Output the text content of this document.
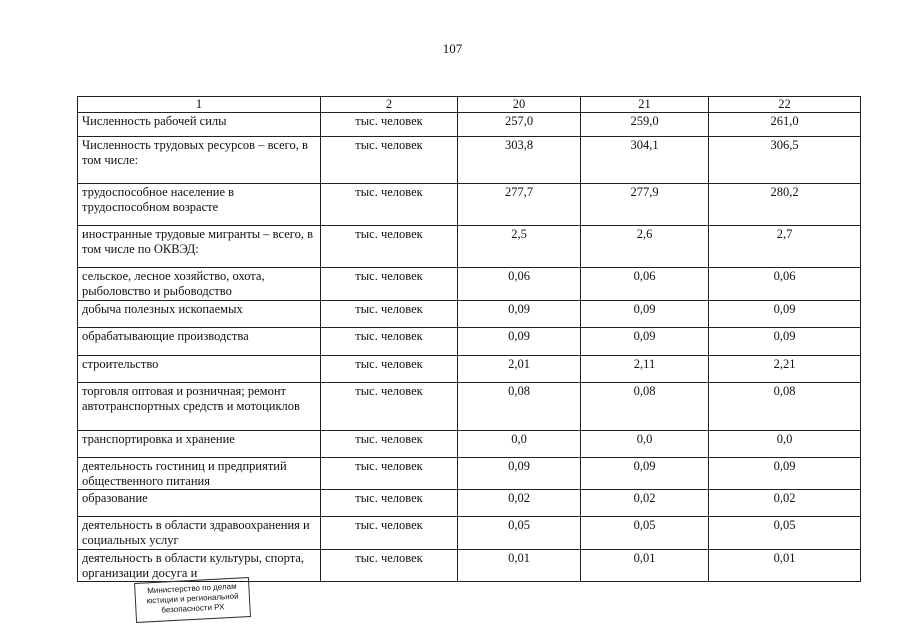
107
1	2	20	21	22
Численность рабочей силы	тыс. человек	257,0	259,0	261,0
Численность трудовых ресурсов – всего, в том числе:	тыс. человек	303,8	304,1	306,5
трудоспособное население в трудоспособном возрасте	тыс. человек	277,7	277,9	280,2
иностранные трудовые мигранты – всего, в том числе по ОКВЭД:	тыс. человек	2,5	2,6	2,7
сельское, лесное хозяйство, охота, рыболовство и рыбоводство	тыс. человек	0,06	0,06	0,06
добыча полезных ископаемых	тыс. человек	0,09	0,09	0,09
обрабатывающие производства	тыс. человек	0,09	0,09	0,09
строительство	тыс. человек	2,01	2,11	2,21
торговля оптовая и розничная; ремонт автотранспортных средств и мотоциклов	тыс. человек	0,08	0,08	0,08
транспортировка и хранение	тыс. человек	0,0	0,0	0,0
деятельность гостиниц и предприятий общественного питания	тыс. человек	0,09	0,09	0,09
образование	тыс. человек	0,02	0,02	0,02
деятельность в области здравоохранения и социальных услуг	тыс. человек	0,05	0,05	0,05
деятельность в области культуры, спорта, организации досуга и	тыс. человек	0,01	0,01	0,01
Министерство по делам
юстиции и региональной
безопасности РХ
